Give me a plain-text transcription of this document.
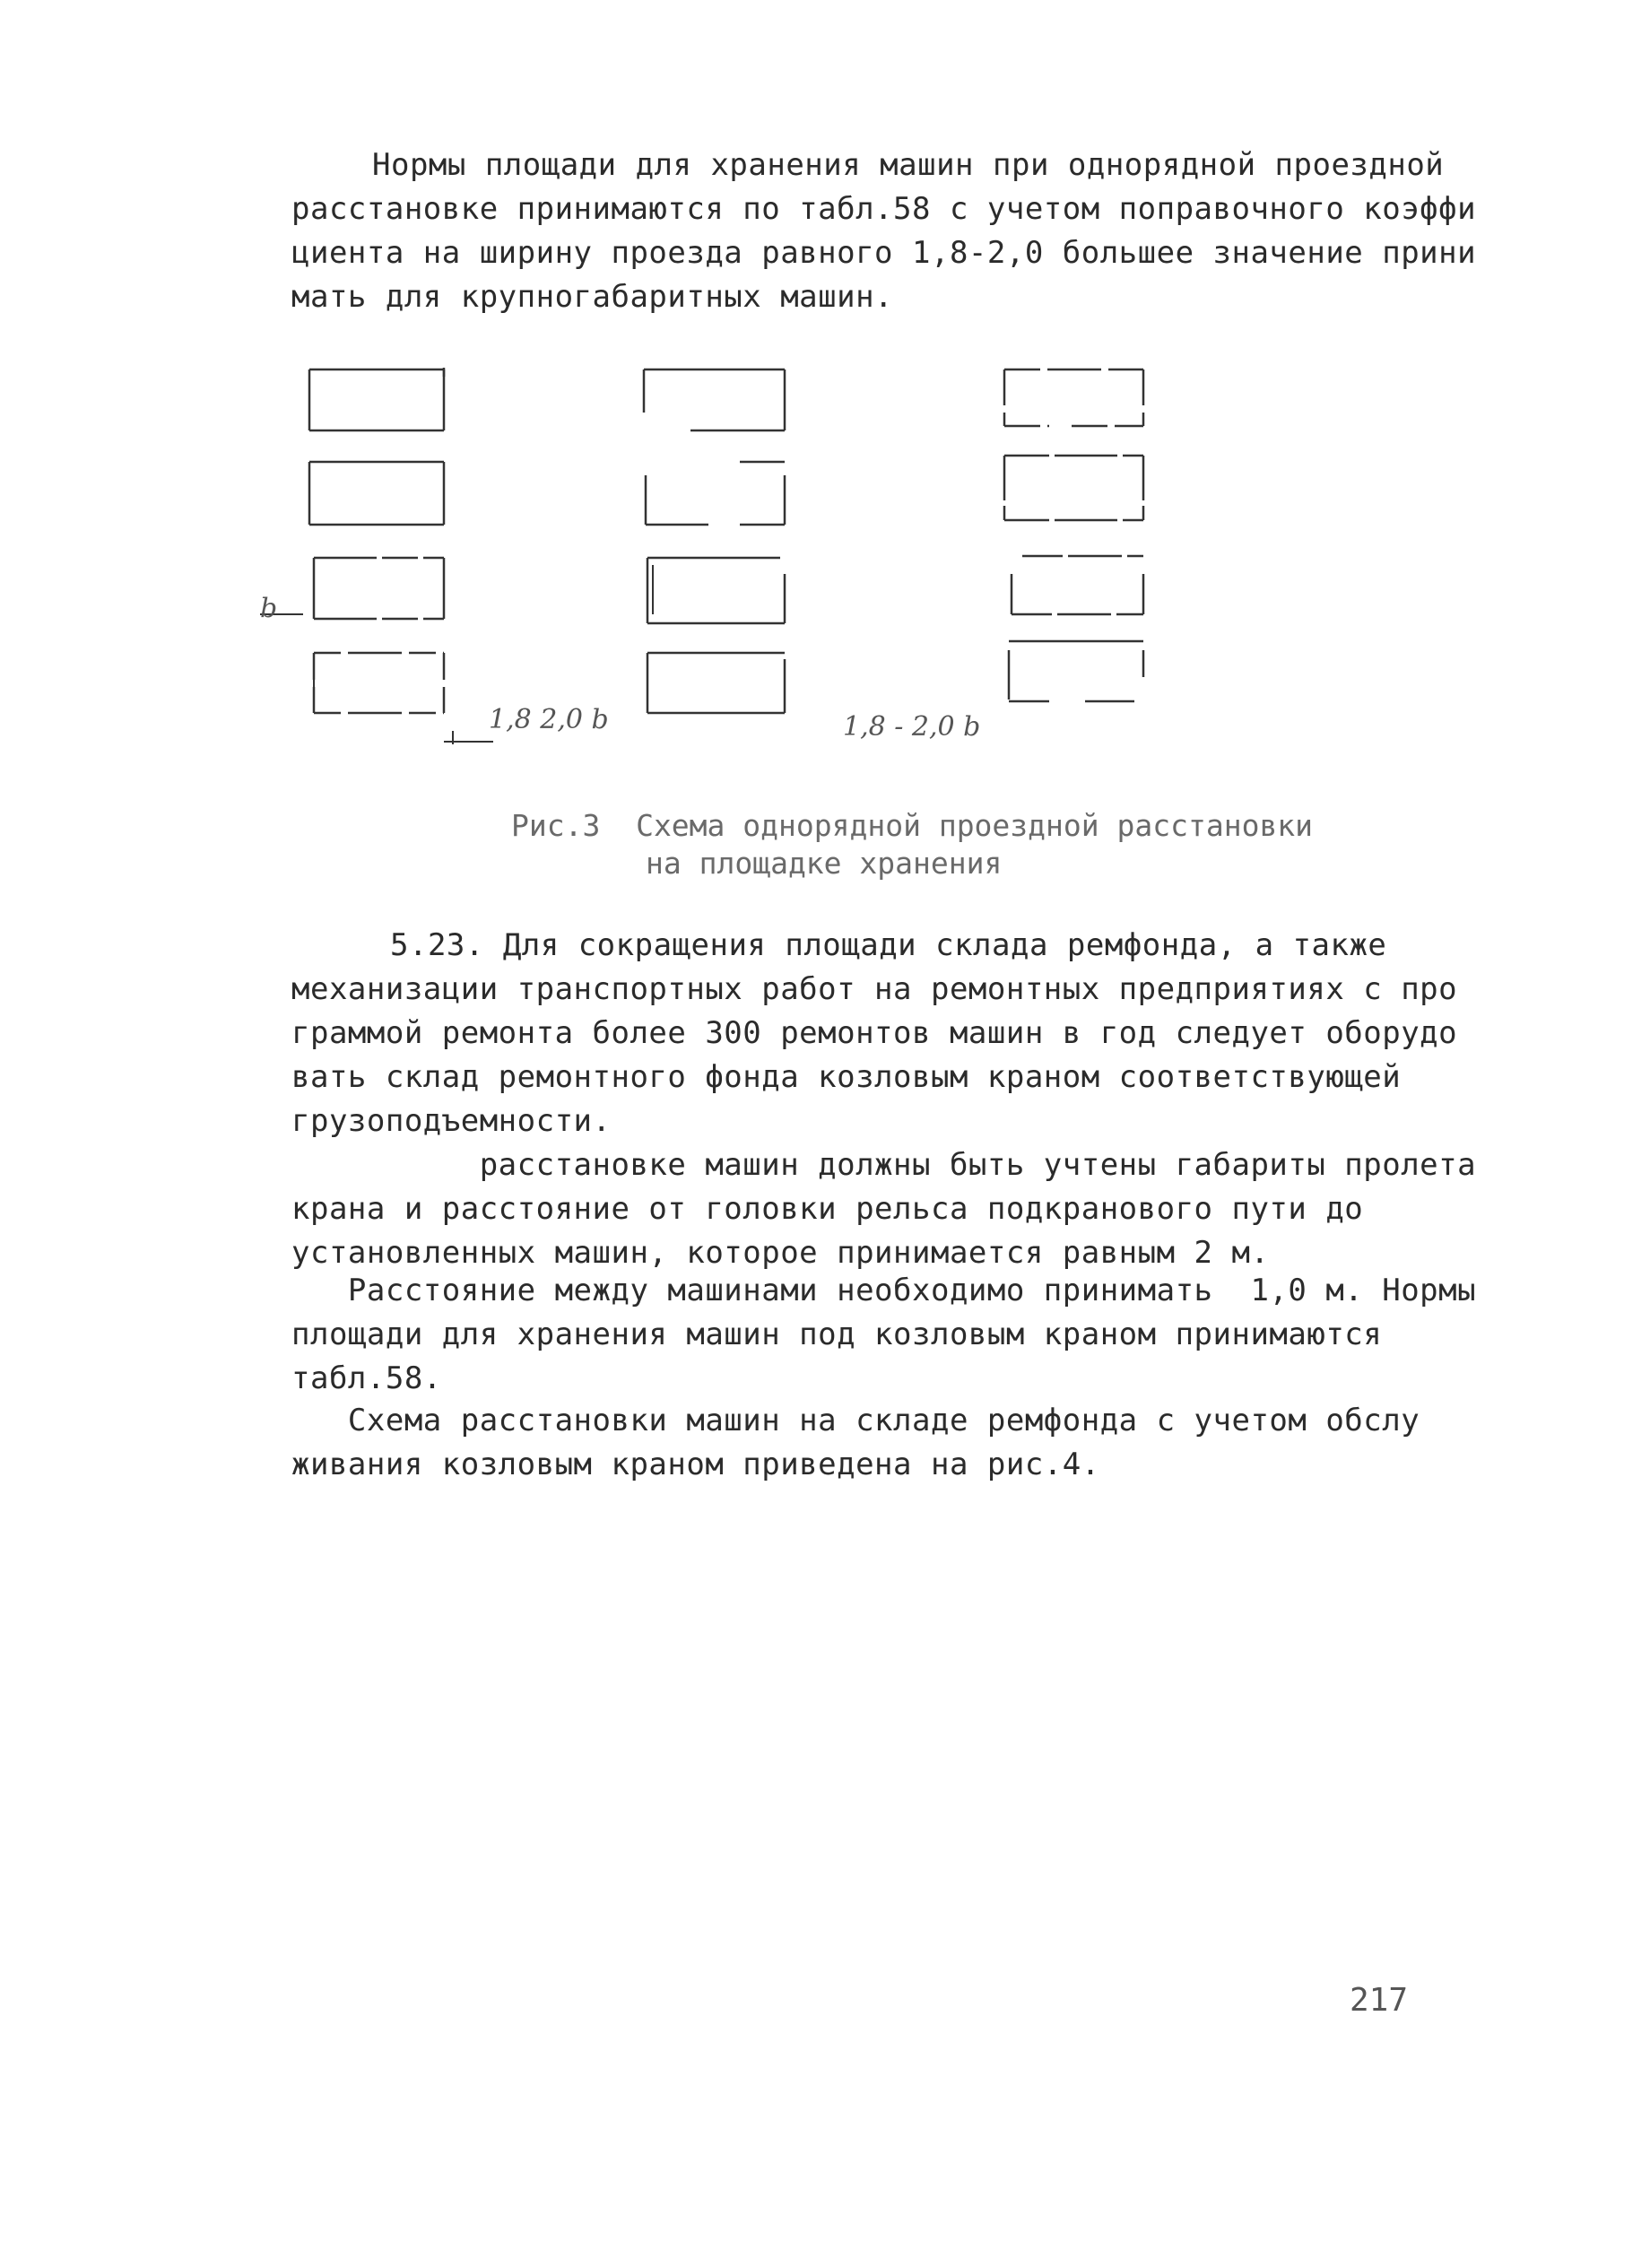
Нормы площади для хранения машин при однорядной проездной
расстановке принимаются по табл.58 с учетом поправочного коэффи
циента на ширину проезда равного 1,8-2,0 большее значение прини
мать для крупногабаритных машин.
b
1,8 2,0 b	1,8 - 2,0 b
Рис.3  Схема однорядной проездной расстановки
на площадке хранения
5.23. Для сокращения площади склада ремфонда, а также
механизации транспортных работ на ремонтных предприятиях с про
граммой ремонта более 300 ремонтов машин в год следует оборудо
вать склад ремонтного фонда козловым краном соответствующей
грузоподъемности.
расстановке машин должны быть учтены габариты пролета
крана и расстояние от головки рельса подкранового пути до
установленных машин, которое принимается равным 2 м.
Расстояние между машинами необходимо принимать  1,0 м. Нормы
площади для хранения машин под козловым краном принимаются
табл.58.
Схема расстановки машин на складе ремфонда с учетом обслу
живания козловым краном приведена на рис.4.
217
